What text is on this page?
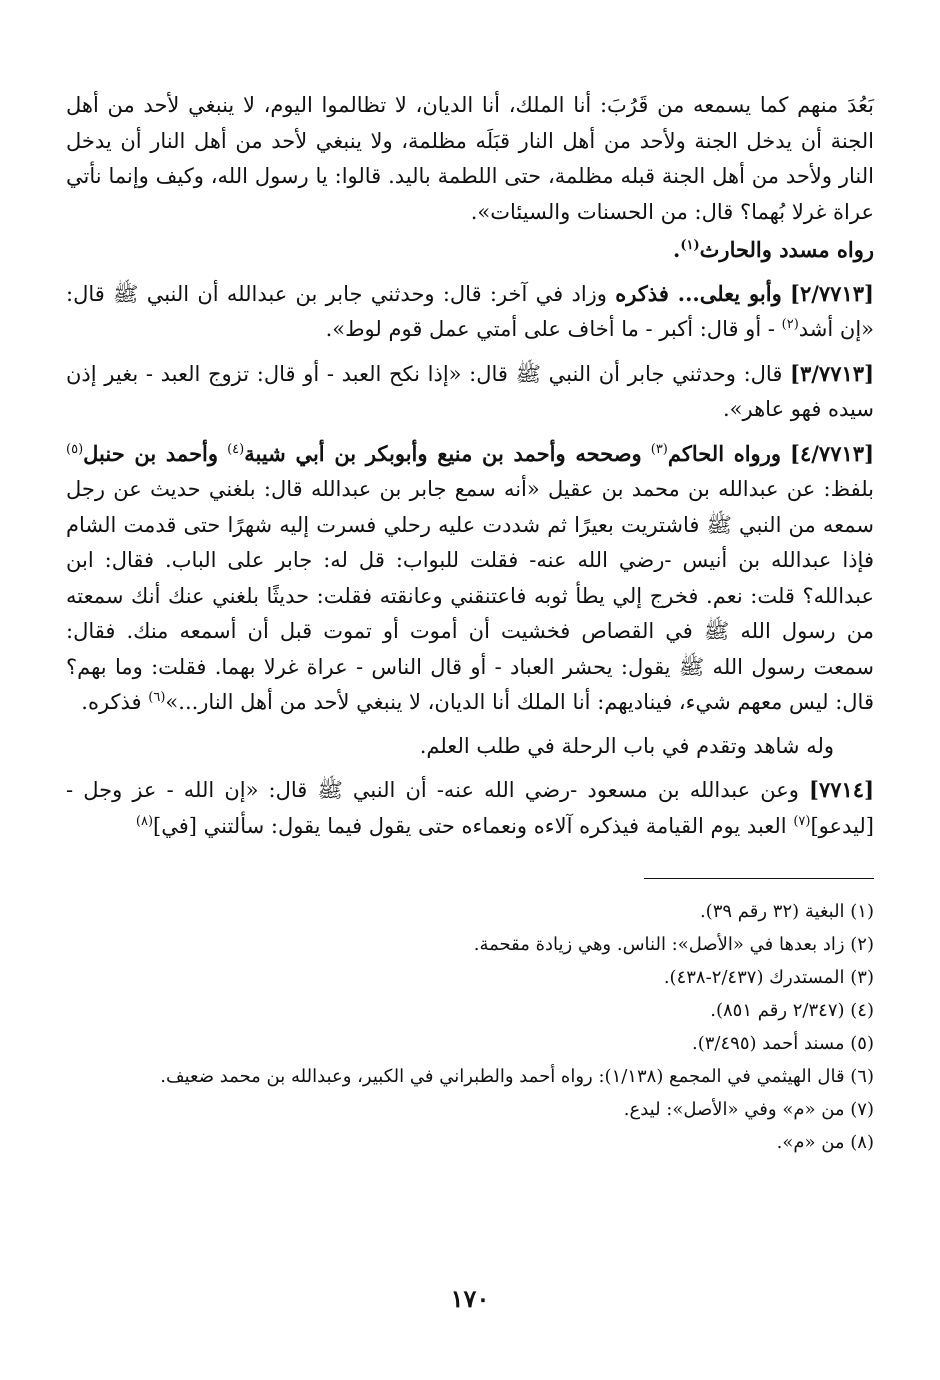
بَعُدَ منهم كما يسمعه من قَرُبَ: أنا الملك، أنا الديان، لا تظالموا اليوم، لا ينبغي لأحد من أهل الجنة أن يدخل الجنة ولأحد من أهل النار قبَلَه مظلمة، ولا ينبغي لأحد من أهل النار أن يدخل النار ولأحد من أهل الجنة قبله مظلمة، حتى اللطمة باليد. قالوا: يا رسول الله، وكيف وإنما نأتي عراة غرلا بُهما؟ قال: من الحسنات والسيئات».

رواه مسدد والحارث$^{(١)}$.

[٢/٧٧١٣] وأبو يعلى... فذكره وزاد في آخر: قال: وحدثني جابر بن عبدالله أن النبي ﷺ قال: «إن أشد$^{(٢)}$ - أو قال: أكبر - ما أخاف على أمتي عمل قوم لوط».

[٣/٧٧١٣] قال: وحدثني جابر أن النبي ﷺ قال: «إذا نكح العبد - أو قال: تزوج العبد - بغير إذن سيده فهو عاهر».

[٤/٧٧١٣] ورواه الحاكم$^{(٣)}$ وصححه وأحمد بن منيع وأبوبكر بن أبي شيبة$^{(٤)}$ وأحمد بن حنبل$^{(٥)}$ بلفظ: عن عبدالله بن محمد بن عقيل «أنه سمع جابر بن عبدالله قال: بلغني حديث عن رجل سمعه من النبي ﷺ فاشتريت بعيرًا ثم شددت عليه رحلي فسرت إليه شهرًا حتى قدمت الشام فإذا عبدالله بن أنيس -رضي الله عنه- فقلت للبواب: قل له: جابر على الباب. فقال: ابن عبدالله؟ قلت: نعم. فخرج إلي يطأ ثوبه فاعتنقني وعانقته فقلت: حديثًا بلغني عنك أنك سمعته من رسول الله ﷺ في القصاص فخشيت أن أموت أو تموت قبل أن أسمعه منك. فقال: سمعت رسول الله ﷺ يقول: يحشر العباد - أو قال الناس - عراة غرلا بهما. فقلت: وما بهم؟ قال: ليس معهم شيء، فيناديهم: أنا الملك أنا الديان، لا ينبغي لأحد من أهل النار...»$^{(٦)}$ فذكره.

وله شاهد وتقدم في باب الرحلة في طلب العلم.

[٧٧١٤] وعن عبدالله بن مسعود -رضي الله عنه- أن النبي ﷺ قال: «إن الله - عز وجل - [ليدعو]$^{(٧)}$ العبد يوم القيامة فيذكره آلاءه ونعماءه حتى يقول فيما يقول: سألتني [في]$^{(٨)}$

(١) البغية (٣٢ رقم ٣٩).

(٢) زاد بعدها في «الأصل»: الناس. وهي زيادة مقحمة.

(٣) المستدرك (٢/٤٣٧-٤٣٨).

(٤) (٢/٣٤٧ رقم ٨٥١).

(٥) مسند أحمد (٣/٤٩٥).

(٦) قال الهيثمي في المجمع (١/١٣٨): رواه أحمد والطبراني في الكبير، وعبدالله بن محمد ضعيف.

(٧) من «م» وفي «الأصل»: ليدع.

(٨) من «م».

١٧٠
